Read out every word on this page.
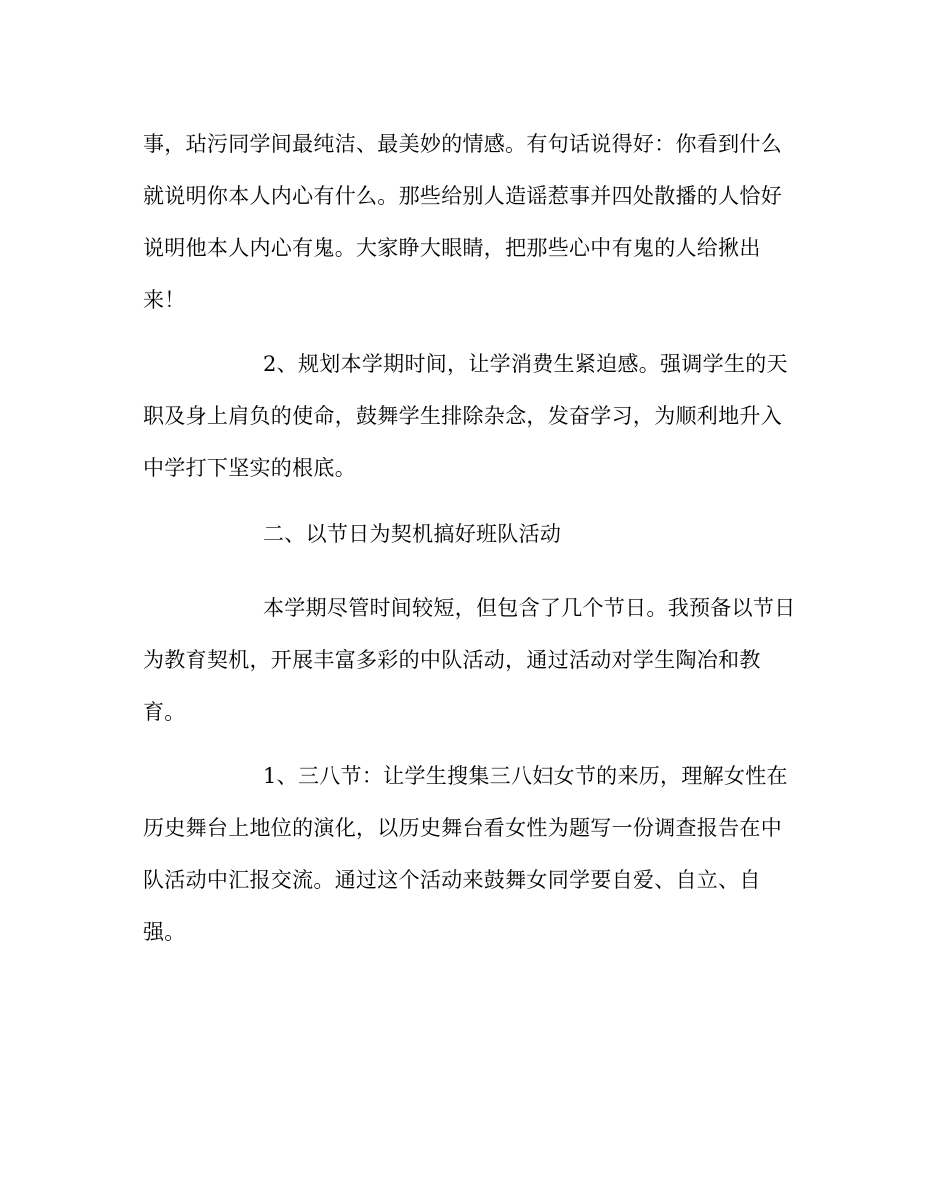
事，玷污同学间最纯洁、最美妙的情感。有句话说得好：你看到什么
就说明你本人内心有什么。那些给别人造谣惹事并四处散播的人恰好
说明他本人内心有鬼。大家睁大眼睛，把那些心中有鬼的人给揪出
来！
2、规划本学期时间，让学消费生紧迫感。强调学生的天
职及身上肩负的使命，鼓舞学生排除杂念，发奋学习，为顺利地升入
中学打下坚实的根底。
二、以节日为契机搞好班队活动
本学期尽管时间较短，但包含了几个节日。我预备以节日
为教育契机，开展丰富多彩的中队活动，通过活动对学生陶冶和教
育。
1、三八节：让学生搜集三八妇女节的来历，理解女性在
历史舞台上地位的演化，以历史舞台看女性为题写一份调查报告在中
队活动中汇报交流。通过这个活动来鼓舞女同学要自爱、自立、自
强。
